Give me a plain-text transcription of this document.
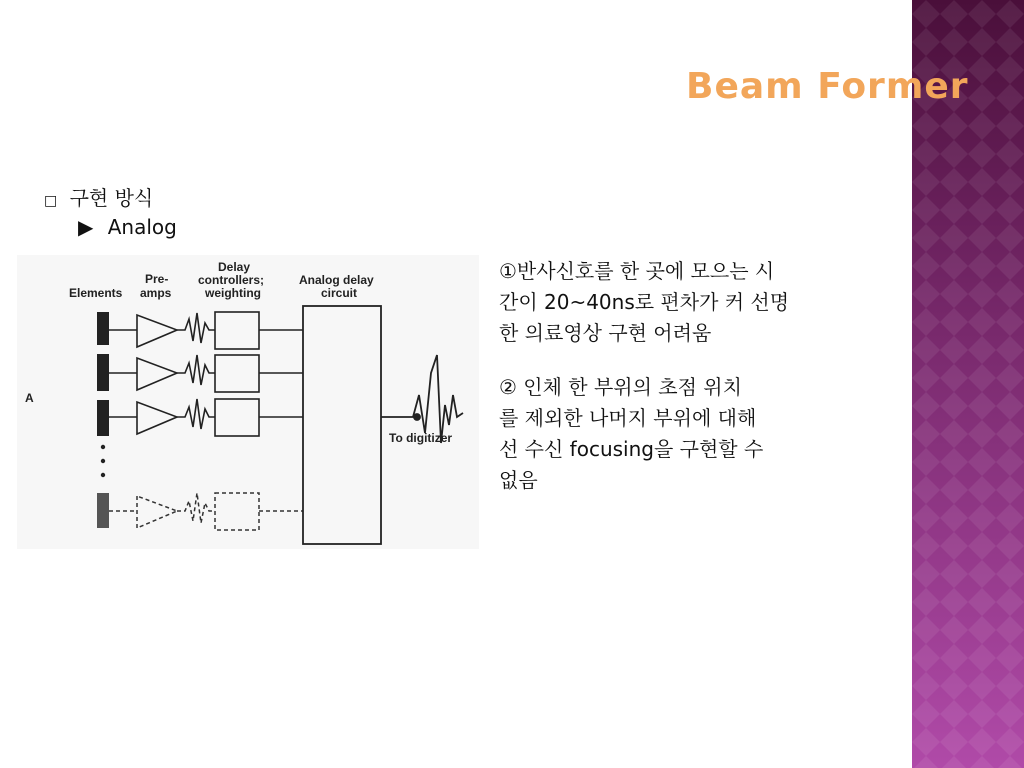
Beam Former
□ 구현 방식
▶ Analog
Elements
Pre-
amps
Delay
controllers;
weighting
Analog delay
circuit
A
To digitizer
①반사신호를 한 곳에 모으는 시
간이 20~40ns로 편차가 커 선명
한 의료영상 구현 어려움
② 인체 한 부위의 초점 위치
를 제외한 나머지 부위에 대해
선 수신 focusing을 구현할 수
없음
